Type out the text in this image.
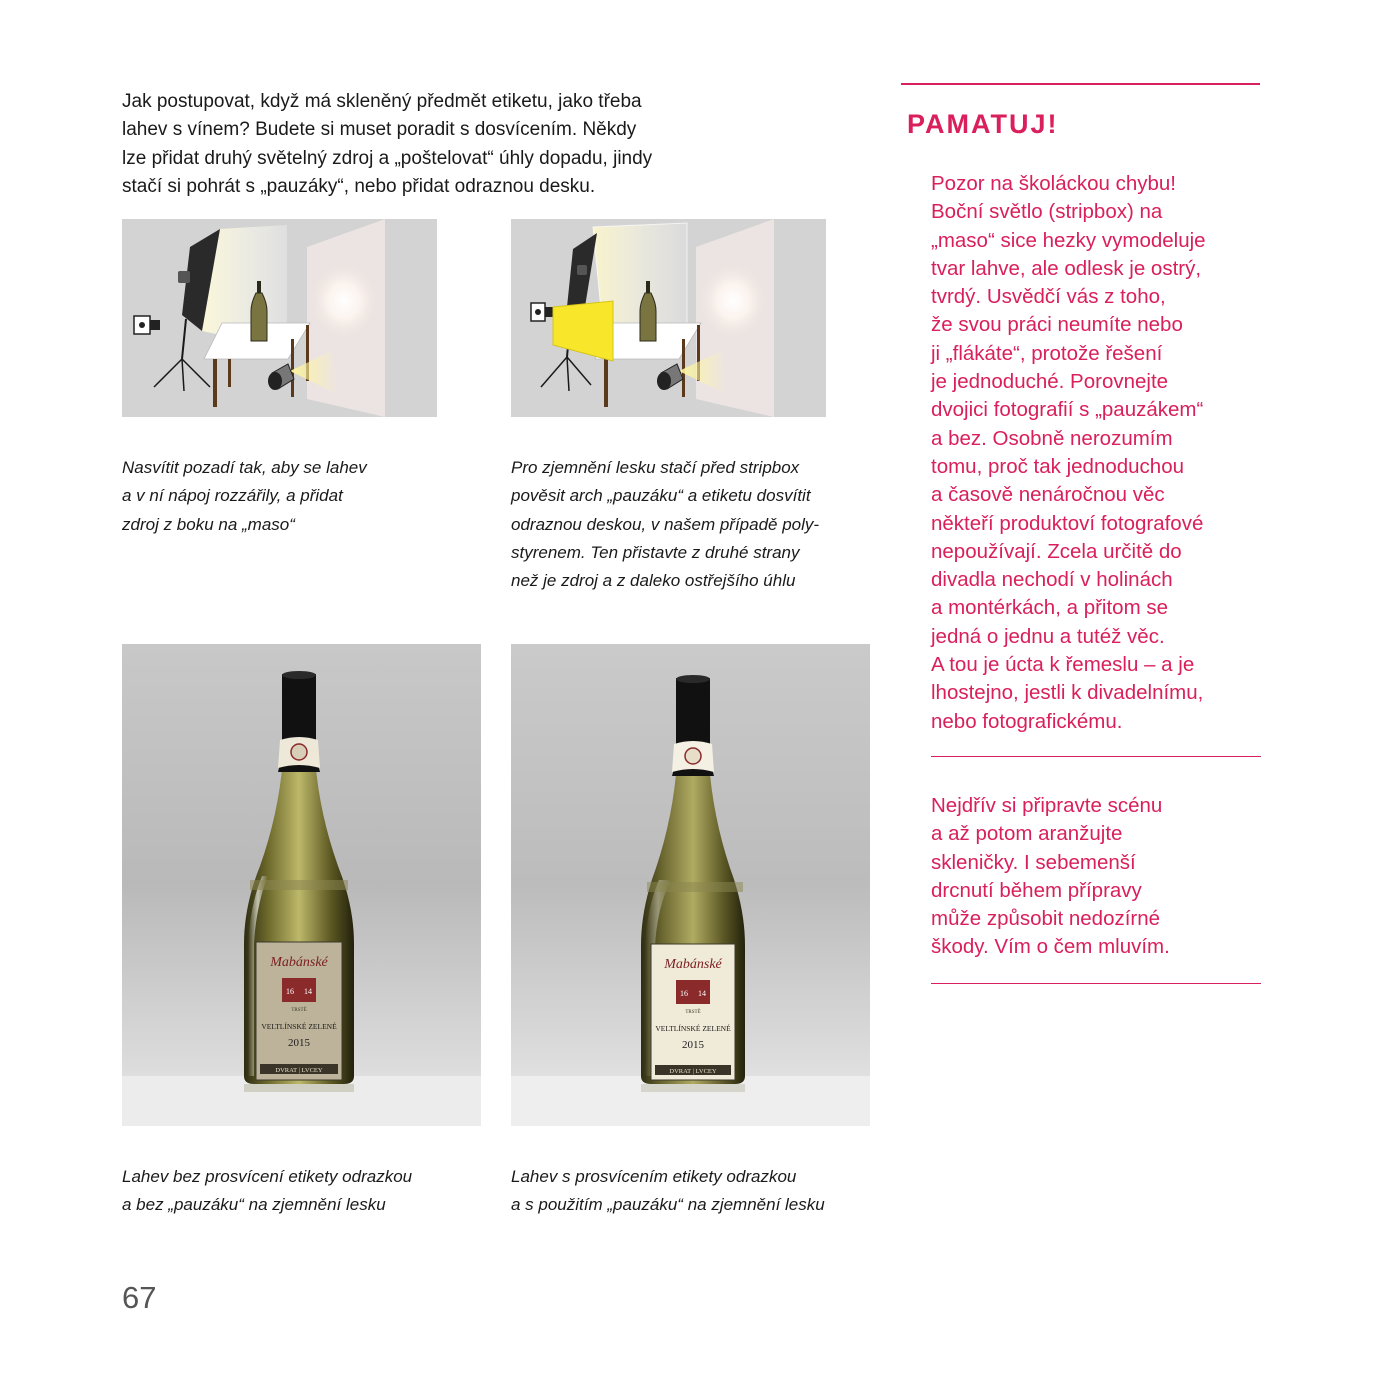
Jak postupovat, když má skleněný předmět etiketu, jako třeba
lahev s vínem? Budete si muset poradit s dosvícením. Někdy
lze přidat druhý světelný zdroj a „poštelovat“ úhly dopadu, jindy
stačí si pohrát s „pauzáky“, nebo přidat odraznou desku.

Nasvítit pozadí tak, aby se lahev
a v ní nápoj rozzářily, a přidat
zdroj z boku na „maso“

Pro zjemnění lesku stačí před stripbox
pověsit arch „pauzáku“ a etiketu dosvítit
odraznou deskou, v našem případě poly-
styrenem. Ten přistavte z druhé strany
než je zdroj a z daleko ostřejšího úhlu

Mabánské
16 14
TRSTĚ
VELTLÍNSKÉ ZELENÉ
2015
DVRAT | LVCEY
Mabánské
16 14
TRSTĚ
VELTLÍNSKÉ ZELENÉ
2015
DVRAT | LVCEY

Lahev bez prosvícení etikety odrazkou
a bez „pauzáku“ na zjemnění lesku

Lahev s prosvícením etikety odrazkou
a s použitím „pauzáku“ na zjemnění lesku

PAMATUJ!

Pozor na školáckou chybu!
Boční světlo (stripbox) na
„maso“ sice hezky vymodeluje
tvar lahve, ale odlesk je ostrý,
tvrdý. Usvědčí vás z toho,
že svou práci neumíte nebo
ji „flákáte“, protože řešení
je jednoduché. Porovnejte
dvojici fotografií s „pauzákem“
a bez. Osobně nerozumím
tomu, proč tak jednoduchou
a časově nenáročnou věc
někteří produktoví fotografové
nepoužívají. Zcela určitě do
divadla nechodí v holinách
a montérkách, a přitom se
jedná o jednu a tutéž věc.
A tou je úcta k řemeslu – a je
lhostejno, jestli k divadelnímu,
nebo fotografickému.

Nejdřív si připravte scénu
a až potom aranžujte
skleničky. I sebemenší
drcnutí během přípravy
může způsobit nedozírné
škody. Vím o čem mluvím.

67
